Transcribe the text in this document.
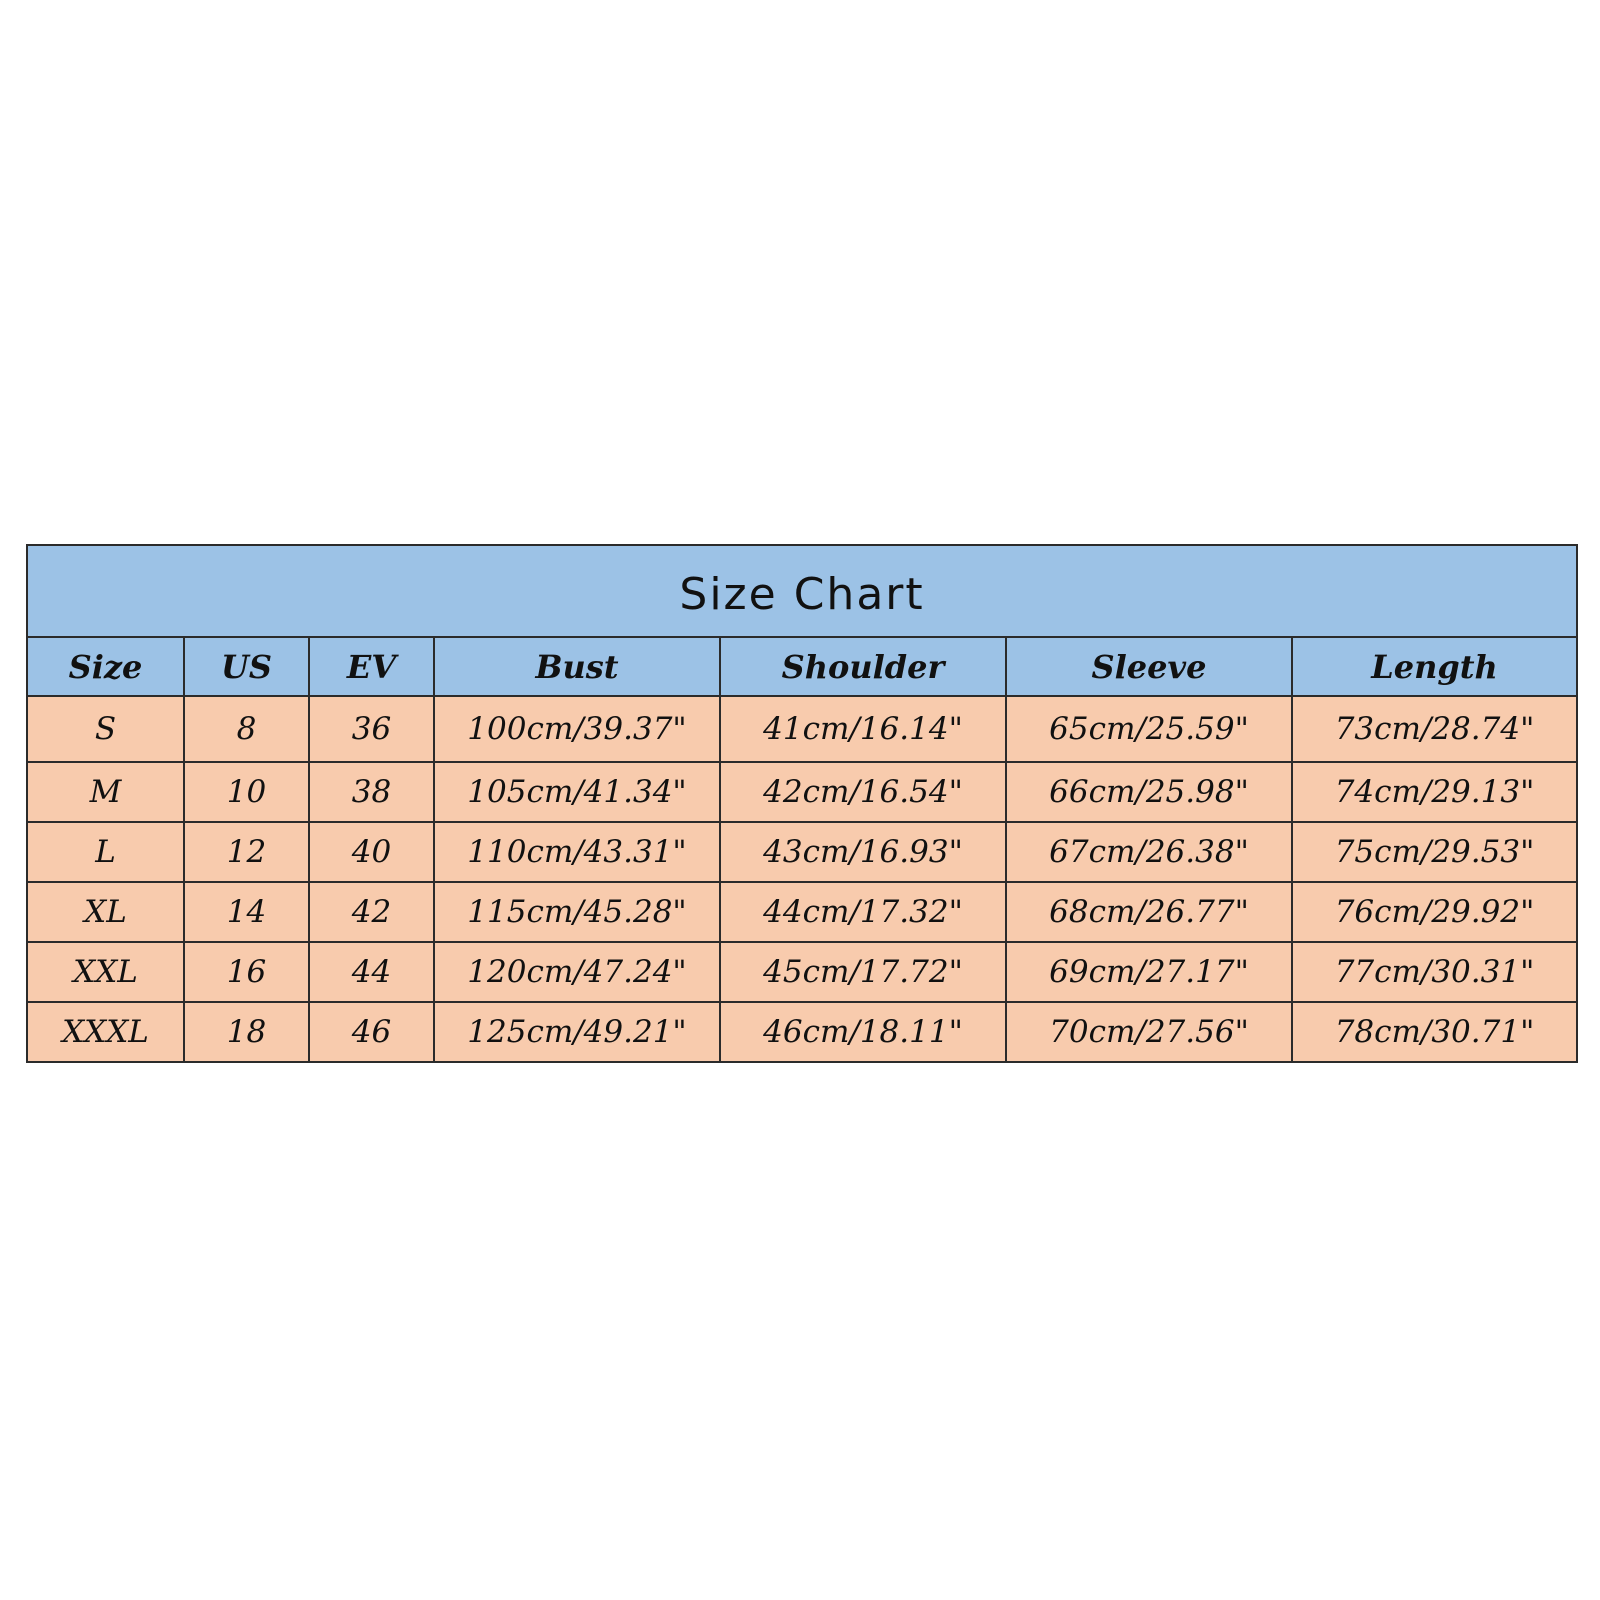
Size Chart						
Size	US	EV	Bust	Shoulder	Sleeve	Length
S	8	36	100cm/39.37"	41cm/16.14"	65cm/25.59"	73cm/28.74"
M	10	38	105cm/41.34"	42cm/16.54"	66cm/25.98"	74cm/29.13"
L	12	40	110cm/43.31"	43cm/16.93"	67cm/26.38"	75cm/29.53"
XL	14	42	115cm/45.28"	44cm/17.32"	68cm/26.77"	76cm/29.92"
XXL	16	44	120cm/47.24"	45cm/17.72"	69cm/27.17"	77cm/30.31"
XXXL	18	46	125cm/49.21"	46cm/18.11"	70cm/27.56"	78cm/30.71"
